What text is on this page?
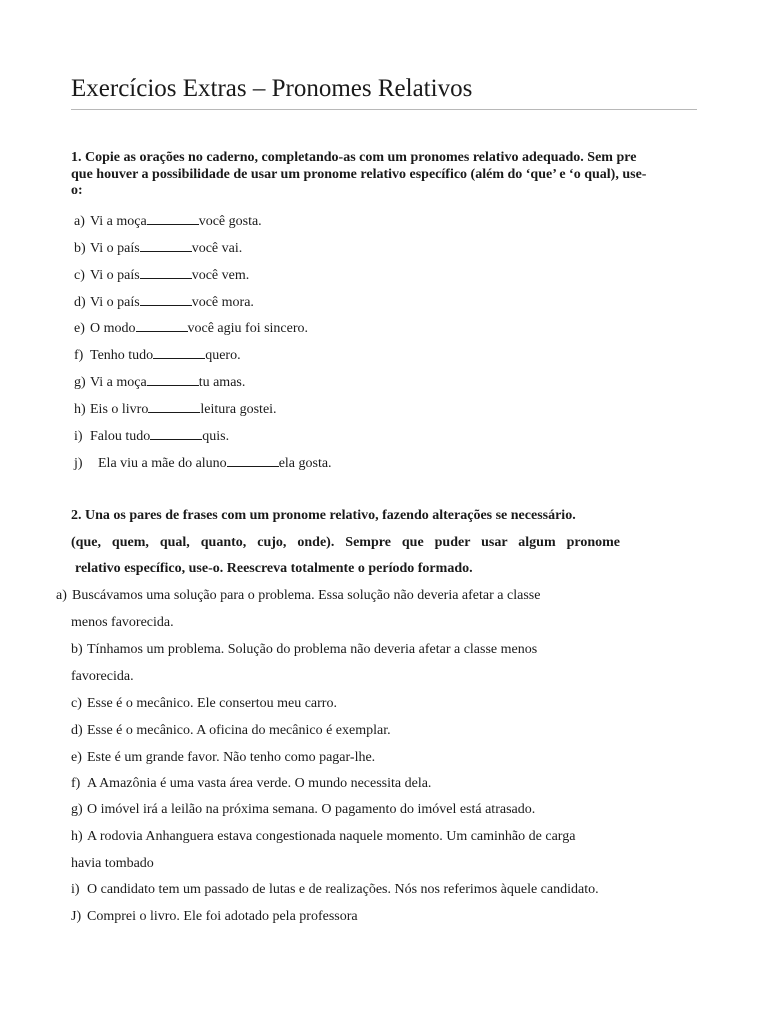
Exercícios Extras – Pronomes Relativos
1. Copie as orações no caderno, completando-as com um pronomes relativo adequado. Sem pre
que houver a possibilidade de usar um pronome relativo específico (além do ‘que’ e ‘o qual), use-
o:
a) Vi a moça	você gosta.
b) Vi o país	você vai.
c) Vi o país	você vem.
d) Vi o país	você mora.
e) O modo	você agiu foi sincero.
f) Tenho tudo	quero.
g) Vi a moça	tu amas.
h) Eis o livro	leitura gostei.
i) Falou tudo	quis.
j) Ela viu a mãe do aluno	ela gosta.
2. Una os pares de frases com um pronome relativo, fazendo alterações se necessário.
(que, quem, qual, quanto, cujo, onde). Sempre que puder usar algum pronome
relativo específico, use-o. Reescreva totalmente o período formado.
a) Buscávamos uma solução para o problema. Essa solução não deveria afetar a classe
menos favorecida.
b) Tínhamos um problema. Solução do problema não deveria afetar a classe menos
favorecida.
c) Esse é o mecânico. Ele consertou meu carro.
d) Esse é o mecânico. A oficina do mecânico é exemplar.
e) Este é um grande favor. Não tenho como pagar-lhe.
f) A Amazônia é uma vasta área verde. O mundo necessita dela.
g) O imóvel irá a leilão na próxima semana. O pagamento do imóvel está atrasado.
h) A rodovia Anhanguera estava congestionada naquele momento. Um caminhão de carga
havia tombado
i) O candidato tem um passado de lutas e de realizações. Nós nos referimos àquele candidato.
J) Comprei o livro. Ele foi adotado pela professora
